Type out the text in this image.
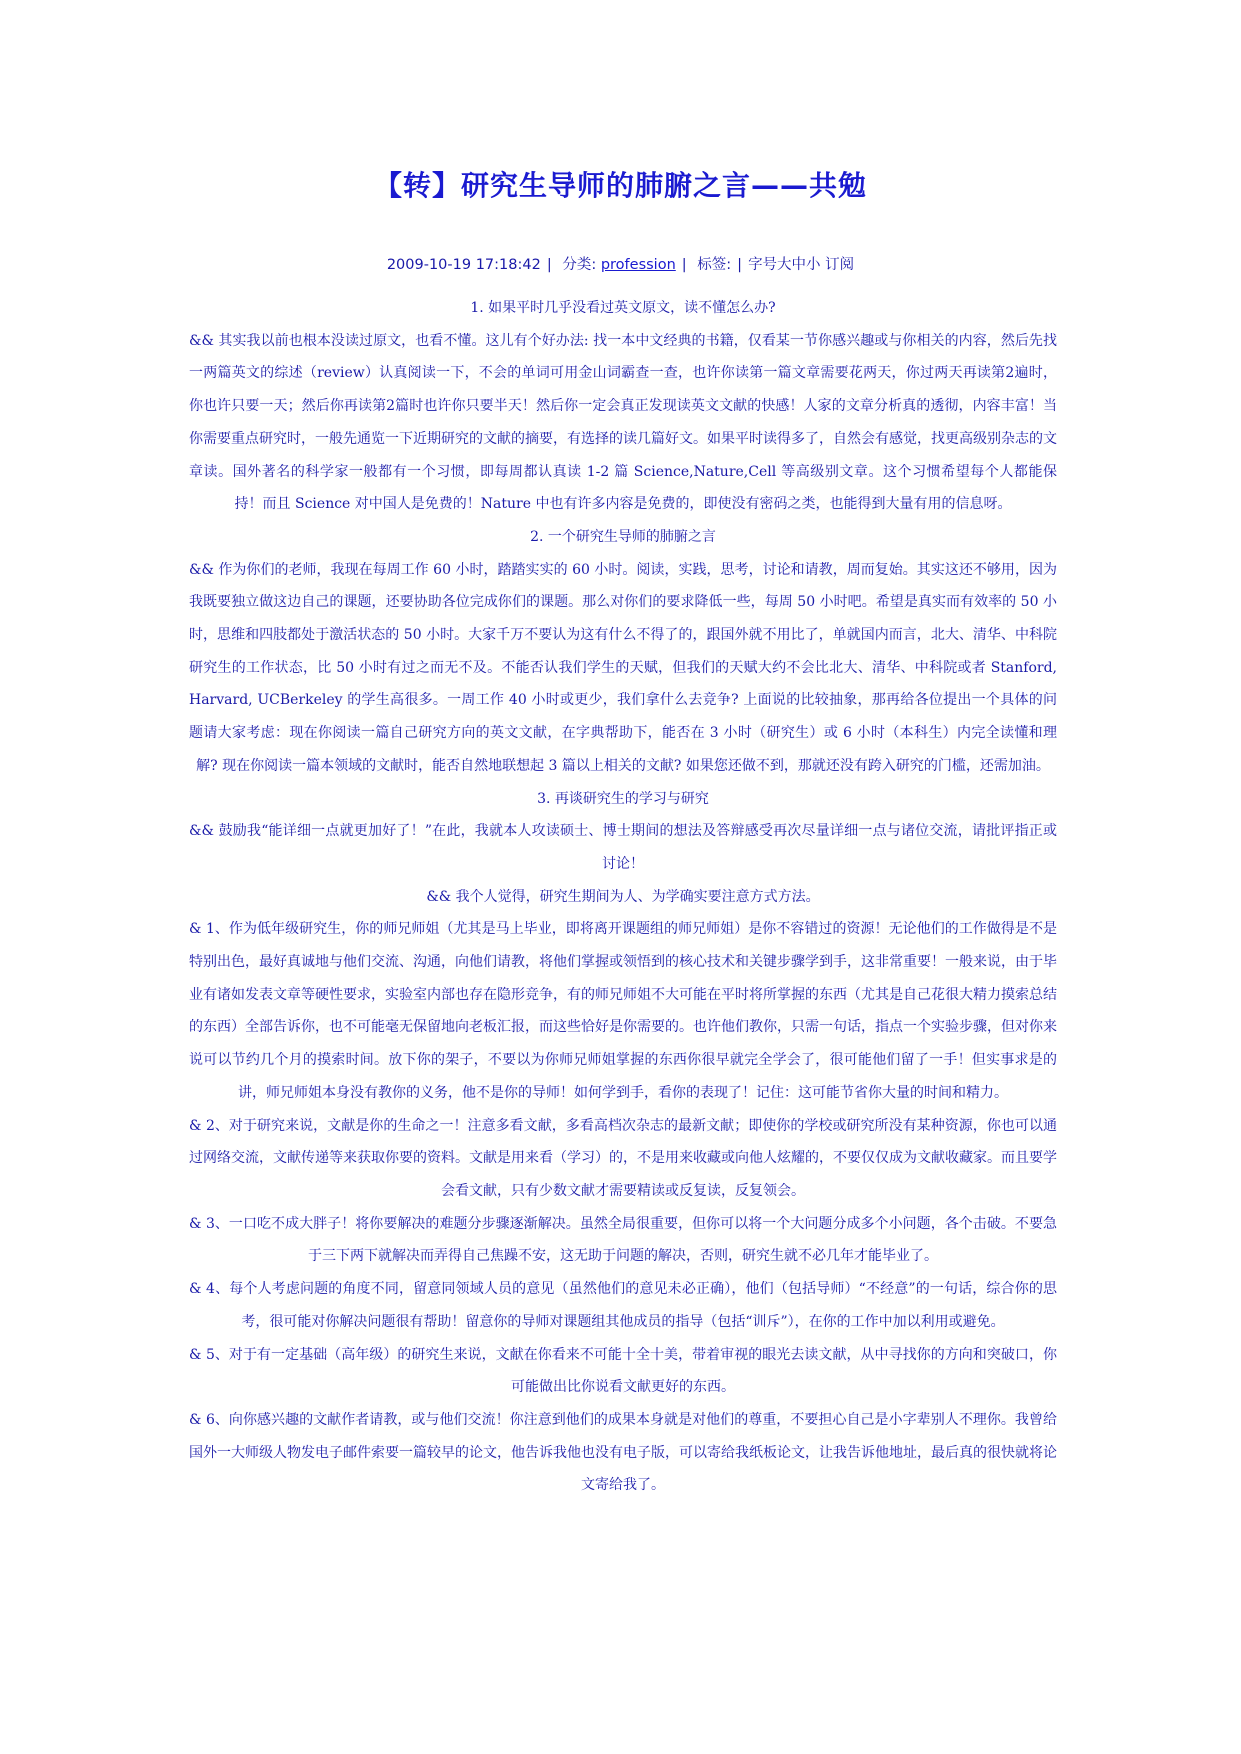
【转】研究生导师的肺腑之言——共勉
2009-10-19 17:18:42 | 分类: profession | 标签: | 字号大中小 订阅

1. 如果平时几乎没看过英文原文，读不懂怎么办?

&& 其实我以前也根本没读过原文，也看不懂。这儿有个好办法: 找一本中文经典的书籍，仅看某一节你感兴趣或与你相关的内容，然后先找一两篇英文的综述（review）认真阅读一下，不会的单词可用金山词霸查一查，也许你读第一篇文章需要花两天，你过两天再读第2遍时，你也许只要一天；然后你再读第2篇时也许你只要半天！然后你一定会真正发现读英文文献的快感！人家的文章分析真的透彻，内容丰富！当你需要重点研究时，一般先通览一下近期研究的文献的摘要，有选择的读几篇好文。如果平时读得多了，自然会有感觉，找更高级别杂志的文章读。国外著名的科学家一般都有一个习惯，即每周都认真读 1-2 篇 Science,Nature,Cell 等高级别文章。这个习惯希望每个人都能保持！而且 Science 对中国人是免费的！Nature 中也有许多内容是免费的，即使没有密码之类，也能得到大量有用的信息呀。

2. 一个研究生导师的肺腑之言

&& 作为你们的老师，我现在每周工作 60 小时，踏踏实实的 60 小时。阅读，实践，思考，讨论和请教，周而复始。其实这还不够用，因为我既要独立做这边自己的课题，还要协助各位完成你们的课题。那么对你们的要求降低一些，每周 50 小时吧。希望是真实而有效率的 50 小时，思维和四肢都处于激活状态的 50 小时。大家千万不要认为这有什么不得了的，跟国外就不用比了，单就国内而言，北大、清华、中科院研究生的工作状态，比 50 小时有过之而无不及。不能否认我们学生的天赋，但我们的天赋大约不会比北大、清华、中科院或者 Stanford, Harvard, UCBerkeley 的学生高很多。一周工作 40 小时或更少，我们拿什么去竞争? 上面说的比较抽象，那再给各位提出一个具体的问题请大家考虑：现在你阅读一篇自己研究方向的英文文献，在字典帮助下，能否在 3 小时（研究生）或 6 小时（本科生）内完全读懂和理解? 现在你阅读一篇本领域的文献时，能否自然地联想起 3 篇以上相关的文献? 如果您还做不到，那就还没有跨入研究的门槛，还需加油。

3. 再谈研究生的学习与研究

&& 鼓励我“能详细一点就更加好了！”在此，我就本人攻读硕士、博士期间的想法及答辩感受再次尽量详细一点与诸位交流，请批评指正或讨论！

&& 我个人觉得，研究生期间为人、为学确实要注意方式方法。

& 1、作为低年级研究生，你的师兄师姐（尤其是马上毕业，即将离开课题组的师兄师姐）是你不容错过的资源！无论他们的工作做得是不是特别出色，最好真诚地与他们交流、沟通，向他们请教，将他们掌握或领悟到的核心技术和关键步骤学到手，这非常重要！一般来说，由于毕业有诸如发表文章等硬性要求，实验室内部也存在隐形竞争，有的师兄师姐不大可能在平时将所掌握的东西（尤其是自己花很大精力摸索总结的东西）全部告诉你，也不可能毫无保留地向老板汇报，而这些恰好是你需要的。也许他们教你，只需一句话，指点一个实验步骤，但对你来说可以节约几个月的摸索时间。放下你的架子，不要以为你师兄师姐掌握的东西你很早就完全学会了，很可能他们留了一手！但实事求是的讲，师兄师姐本身没有教你的义务，他不是你的导师！如何学到手，看你的表现了！记住：这可能节省你大量的时间和精力。

& 2、对于研究来说，文献是你的生命之一！注意多看文献，多看高档次杂志的最新文献；即使你的学校或研究所没有某种资源，你也可以通过网络交流，文献传递等来获取你要的资料。文献是用来看（学习）的，不是用来收藏或向他人炫耀的，不要仅仅成为文献收藏家。而且要学会看文献，只有少数文献才需要精读或反复读，反复领会。

& 3、一口吃不成大胖子！将你要解决的难题分步骤逐渐解决。虽然全局很重要，但你可以将一个大问题分成多个小问题，各个击破。不要急于三下两下就解决而弄得自己焦躁不安，这无助于问题的解决，否则，研究生就不必几年才能毕业了。

& 4、每个人考虑问题的角度不同，留意同领域人员的意见（虽然他们的意见未必正确），他们（包括导师）“不经意”的一句话，综合你的思考，很可能对你解决问题很有帮助！留意你的导师对课题组其他成员的指导（包括“训斥”），在你的工作中加以利用或避免。

& 5、对于有一定基础（高年级）的研究生来说，文献在你看来不可能十全十美，带着审视的眼光去读文献，从中寻找你的方向和突破口，你可能做出比你说看文献更好的东西。

& 6、向你感兴趣的文献作者请教，或与他们交流！你注意到他们的成果本身就是对他们的尊重，不要担心自己是小字辈别人不理你。我曾给国外一大师级人物发电子邮件索要一篇较早的论文，他告诉我他也没有电子版，可以寄给我纸板论文，让我告诉他地址，最后真的很快就将论文寄给我了。
